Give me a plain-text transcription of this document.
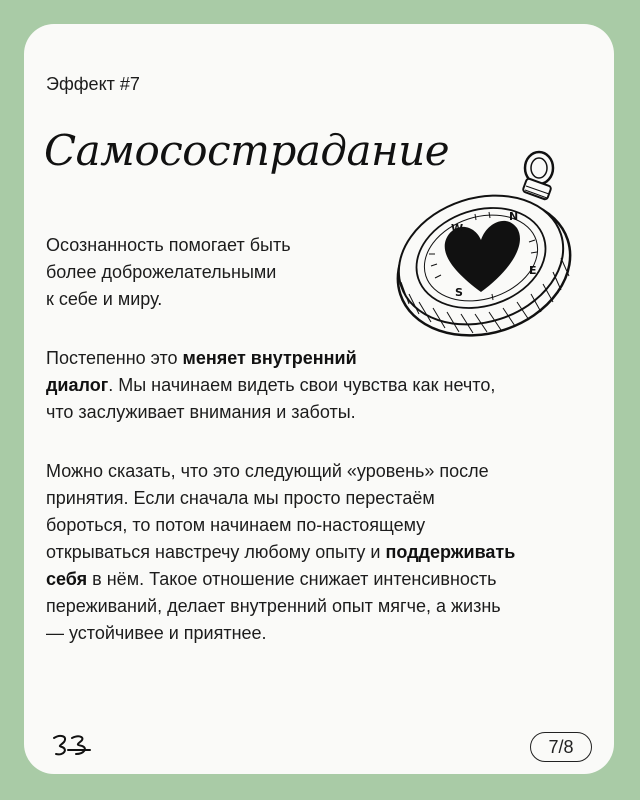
Эффект #7
Самосострадание
W
N
E
S

Осознанность помогает быть
более доброжелательными
к себе и миру.

Постепенно это меняет внутренний
диалог. Мы начинаем видеть свои чувства как нечто,
что заслуживает внимания и заботы.

Можно сказать, что это следующий «уровень» после
принятия. Если сначала мы просто перестаём
бороться, то потом начинаем по-настоящему
открываться навстречу любому опыту и поддерживать
себя в нём. Такое отношение снижает интенсивность
переживаний, делает внутренний опыт мягче, а жизнь
— устойчивее и приятнее.

7/8
